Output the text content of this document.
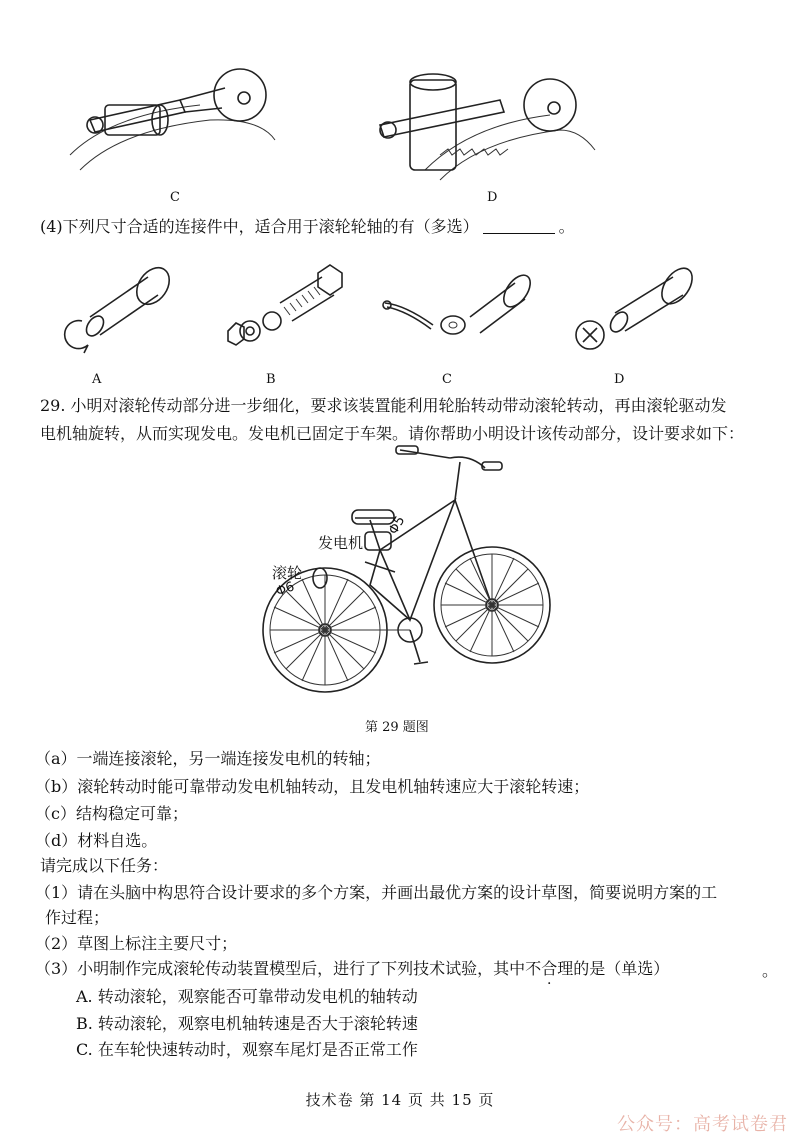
C	D
(4)下列尺寸合适的连接件中，适合用于滚轮轮轴的有（多选）	。
A	B	C	D
29. 小明对滚轮传动部分进一步细化，要求该装置能利用轮胎转动带动滚轮转动，再由滚轮驱动发
电机轴旋转，从而实现发电。发电机已固定于车架。请你帮助小明设计该传动部分，设计要求如下：
发电机
Φ5
滚轮
Φ6
第 29 题图
（a）一端连接滚轮，另一端连接发电机的转轴；
（b）滚轮转动时能可靠带动发电机轴转动，且发电机轴转速应大于滚轮转速；
（c）结构稳定可靠；
（d）材料自选。
请完成以下任务：
（1）请在头脑中构思符合设计要求的多个方案，并画出最优方案的设计草图，简要说明方案的工
作过程；
（2）草图上标注主要尺寸；
（3）小明制作完成滚轮传动装置模型后，进行了下列技术试验，其中不合理的是（单选）	。
A. 转动滚轮，观察能否可靠带动发电机的轴转动
B. 转动滚轮，观察电机轴转速是否大于滚轮转速
C. 在车轮快速转动时，观察车尾灯是否正常工作
技术卷 第 14 页 共 15 页
公众号：高考试卷君
